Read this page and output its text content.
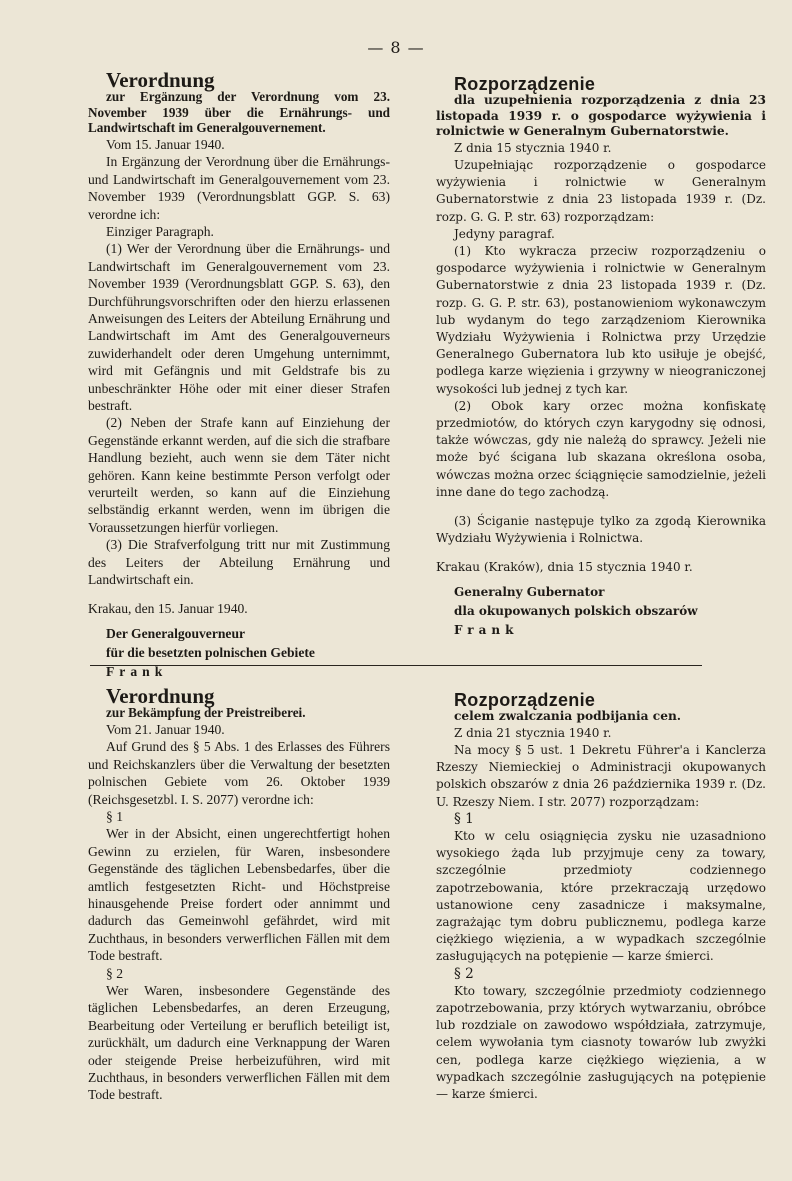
— 8 —

Verordnung

zur Ergänzung der Verordnung vom 23. November 1939 über die Ernährungs- und Landwirtschaft im Generalgouvernement.

Vom 15. Januar 1940.

In Ergänzung der Verordnung über die Ernährungs- und Landwirtschaft im Generalgouvernement vom 23. November 1939 (Verordnungsblatt GGP. S. 63) verordne ich:

Einziger Paragraph.

(1) Wer der Verordnung über die Ernährungs- und Landwirtschaft im Generalgouvernement vom 23. November 1939 (Verordnungsblatt GGP. S. 63), den Durchführungsvorschriften oder den hierzu erlassenen Anweisungen des Leiters der Abteilung Ernährung und Landwirtschaft im Amt des Generalgouverneurs zuwiderhandelt oder deren Umgehung unternimmt, wird mit Gefängnis und mit Geldstrafe bis zu unbeschränkter Höhe oder mit einer dieser Strafen bestraft.

(2) Neben der Strafe kann auf Einziehung der Gegenstände erkannt werden, auf die sich die strafbare Handlung bezieht, auch wenn sie dem Täter nicht gehören. Kann keine bestimmte Person verfolgt oder verurteilt werden, so kann auf die Einziehung selbständig erkannt werden, wenn im übrigen die Voraussetzungen hierfür vorliegen.

(3) Die Strafverfolgung tritt nur mit Zustimmung des Leiters der Abteilung Ernährung und Landwirtschaft ein.

Krakau, den 15. Januar 1940.

Der Generalgouverneur

für die besetzten polnischen Gebiete

Frank

Rozporządzenie

dla uzupełnienia rozporządzenia z dnia 23 listopada 1939 r. o gospodarce wyżywienia i rolnictwie w Generalnym Gubernatorstwie.

Z dnia 15 stycznia 1940 r.

Uzupełniając rozporządzenie o gospodarce wyżywienia i rolnictwie w Generalnym Gubernatorstwie z dnia 23 listopada 1939 r. (Dz. rozp. G. G. P. str. 63) rozporządzam:

Jedyny paragraf.

(1) Kto wykracza przeciw rozporządzeniu o gospodarce wyżywienia i rolnictwie w Generalnym Gubernatorstwie z dnia 23 listopada 1939 r. (Dz. rozp. G. G. P. str. 63), postanowieniom wykonawczym lub wydanym do tego zarządzeniom Kierownika Wydziału Wyżywienia i Rolnictwa przy Urzędzie Generalnego Gubernatora lub kto usiłuje je obejść, podlega karze więzienia i grzywny w nieograniczonej wysokości lub jednej z tych kar.

(2) Obok kary orzec można konfiskatę przedmiotów, do których czyn karygodny się odnosi, także wówczas, gdy nie należą do sprawcy. Jeżeli nie może być ścigana lub skazana określona osoba, wówczas można orzec ściągnięcie samodzielnie, jeżeli inne dane do tego zachodzą.

(3) Ściganie następuje tylko za zgodą Kierownika Wydziału Wyżywienia i Rolnictwa.

Krakau (Kraków), dnia 15 stycznia 1940 r.

Generalny Gubernator

dla okupowanych polskich obszarów

Frank

Verordnung

zur Bekämpfung der Preistreiberei.

Vom 21. Januar 1940.

Auf Grund des § 5 Abs. 1 des Erlasses des Führers und Reichskanzlers über die Verwaltung der besetzten polnischen Gebiete vom 26. Oktober 1939 (Reichsgesetzbl. I. S. 2077) verordne ich:

§ 1

Wer in der Absicht, einen ungerechtfertigt hohen Gewinn zu erzielen, für Waren, insbesondere Gegenstände des täglichen Lebensbedarfes, über die amtlich festgesetzten Richt- und Höchstpreise hinausgehende Preise fordert oder annimmt und dadurch das Gemeinwohl gefährdet, wird mit Zuchthaus, in besonders verwerflichen Fällen mit dem Tode bestraft.

§ 2

Wer Waren, insbesondere Gegenstände des täglichen Lebensbedarfes, an deren Erzeugung, Bearbeitung oder Verteilung er beruflich beteiligt ist, zurückhält, um dadurch eine Verknappung der Waren oder steigende Preise herbeizuführen, wird mit Zuchthaus, in besonders verwerflichen Fällen mit dem Tode bestraft.

Rozporządzenie

celem zwalczania podbijania cen.

Z dnia 21 stycznia 1940 r.

Na mocy § 5 ust. 1 Dekretu Führer'a i Kanclerza Rzeszy Niemieckiej o Administracji okupowanych polskich obszarów z dnia 26 października 1939 r. (Dz. U. Rzeszy Niem. I str. 2077) rozporządzam:

§ 1

Kto w celu osiągnięcia zysku nie uzasadniono wysokiego żąda lub przyjmuje ceny za towary, szczególnie przedmioty codziennego zapotrzebowania, które przekraczają urzędowo ustanowione ceny zasadnicze i maksymalne, zagrażając tym dobru publicznemu, podlega karze ciężkiego więzienia, a w wypadkach szczególnie zasługujących na potępienie — karze śmierci.

§ 2

Kto towary, szczególnie przedmioty codziennego zapotrzebowania, przy których wytwarzaniu, obróbce lub rozdziale on zawodowo współdziała, zatrzymuje, celem wywołania tym ciasnoty towarów lub zwyżki cen, podlega karze ciężkiego więzienia, a w wypadkach szczególnie zasługujących na potępienie — karze śmierci.
